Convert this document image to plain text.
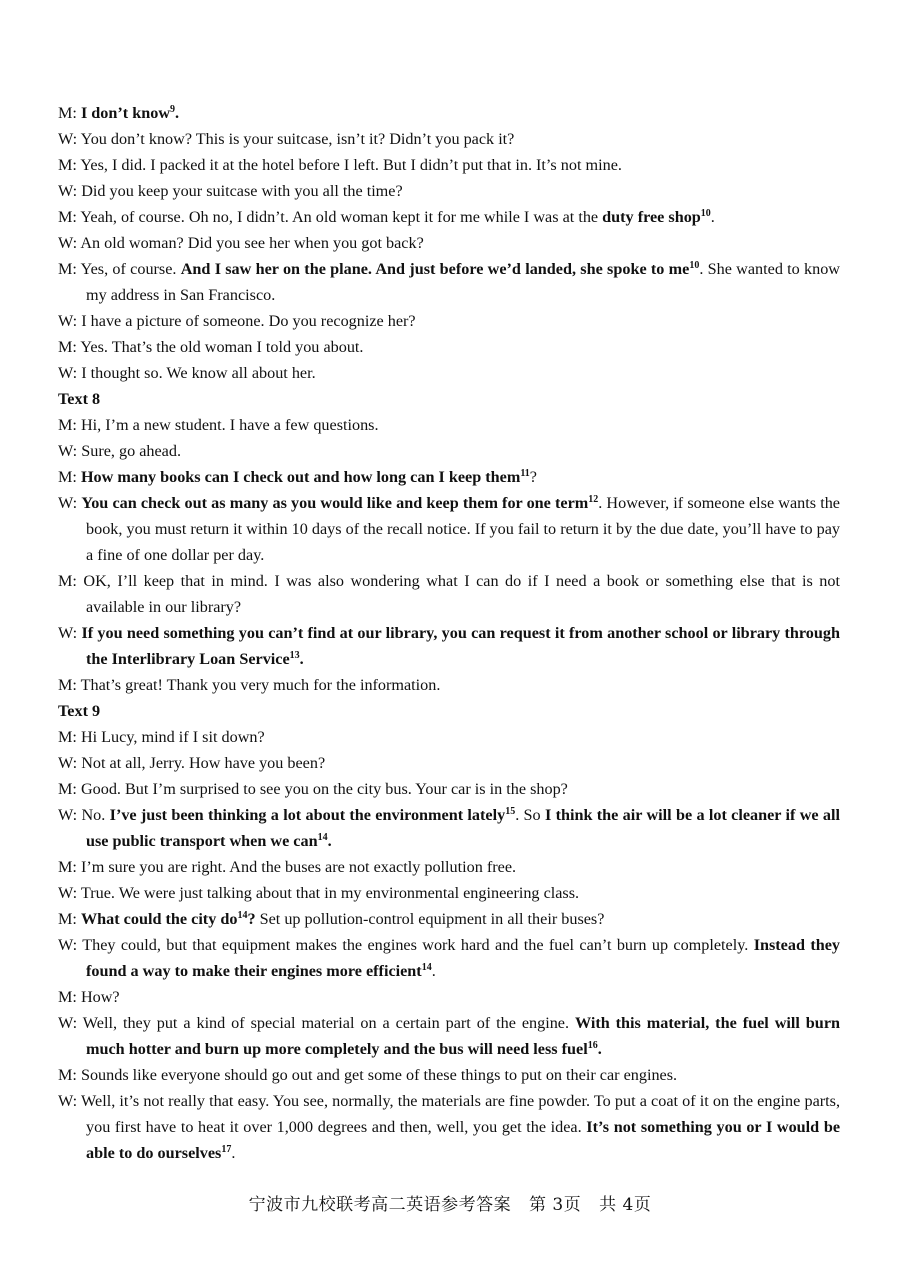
M: I don’t know$^9$.

W: You don’t know? This is your suitcase, isn’t it? Didn’t you pack it?

M: Yes, I did. I packed it at the hotel before I left. But I didn’t put that in. It’s not mine.

W: Did you keep your suitcase with you all the time?

M: Yeah, of course. Oh no, I didn’t. An old woman kept it for me while I was at the duty free shop$^{10}$.

W: An old woman? Did you see her when you got back?

M: Yes, of course. And I saw her on the plane. And just before we’d landed, she spoke to $me^{10}$. She wanted to know my address in San Francisco.

W: I have a picture of someone. Do you recognize her?

M: Yes. That’s the old woman I told you about.

W: I thought so. We know all about her.

Text 8

M: Hi, I’m a new student. I have a few questions.

W: Sure, go ahead.

M: How many books can I check out and how long can I keep them$^{11}$?

W: You can check out as many as you would like and keep them for one term$^{12}$. However, if someone else wants the book, you must return it within 10 days of the recall notice. If you fail to return it by the due date, you’ll have to pay a fine of one dollar per day.

M: OK, I’ll keep that in mind. I was also wondering what I can do if I need a book or something else that is not available in our library?

W: If you need something you can’t find at our library, you can request it from another school or library through the Interlibrary Loan Service$^{13}$.

M: That’s great! Thank you very much for the information.

Text 9

M: Hi Lucy, mind if I sit down?

W: Not at all, Jerry. How have you been?

M: Good. But I’m surprised to see you on the city bus. Your car is in the shop?

W: No. I’ve just been thinking a lot about the environment lately$^{15}$. So I think the air will be a lot cleaner if we all use public transport when we can$^{14}$.

M: I’m sure you are right. And the buses are not exactly pollution free.

W: True. We were just talking about that in my environmental engineering class.

M: What could the city $do^{14}$? Set up pollution-control equipment in all their buses?

W: They could, but that equipment makes the engines work hard and the fuel can’t burn up completely. Instead they found a way to make their engines more efficient$^{14}$.

M: How?

W: Well, they put a kind of special material on a certain part of the engine. With this material, the fuel will burn much hotter and burn up more completely and the bus will need less fuel$^{16}$.

M: Sounds like everyone should go out and get some of these things to put on their car engines.

W: Well, it’s not really that easy. You see, normally, the materials are fine powder. To put a coat of it on the engine parts, you first have to heat it over 1,000 degrees and then, well, you get the idea. It’s not something you or I would be able to do ourselves$^{17}$.

宁波市九校联考高二英语参考答案 第 3页 共 4页
